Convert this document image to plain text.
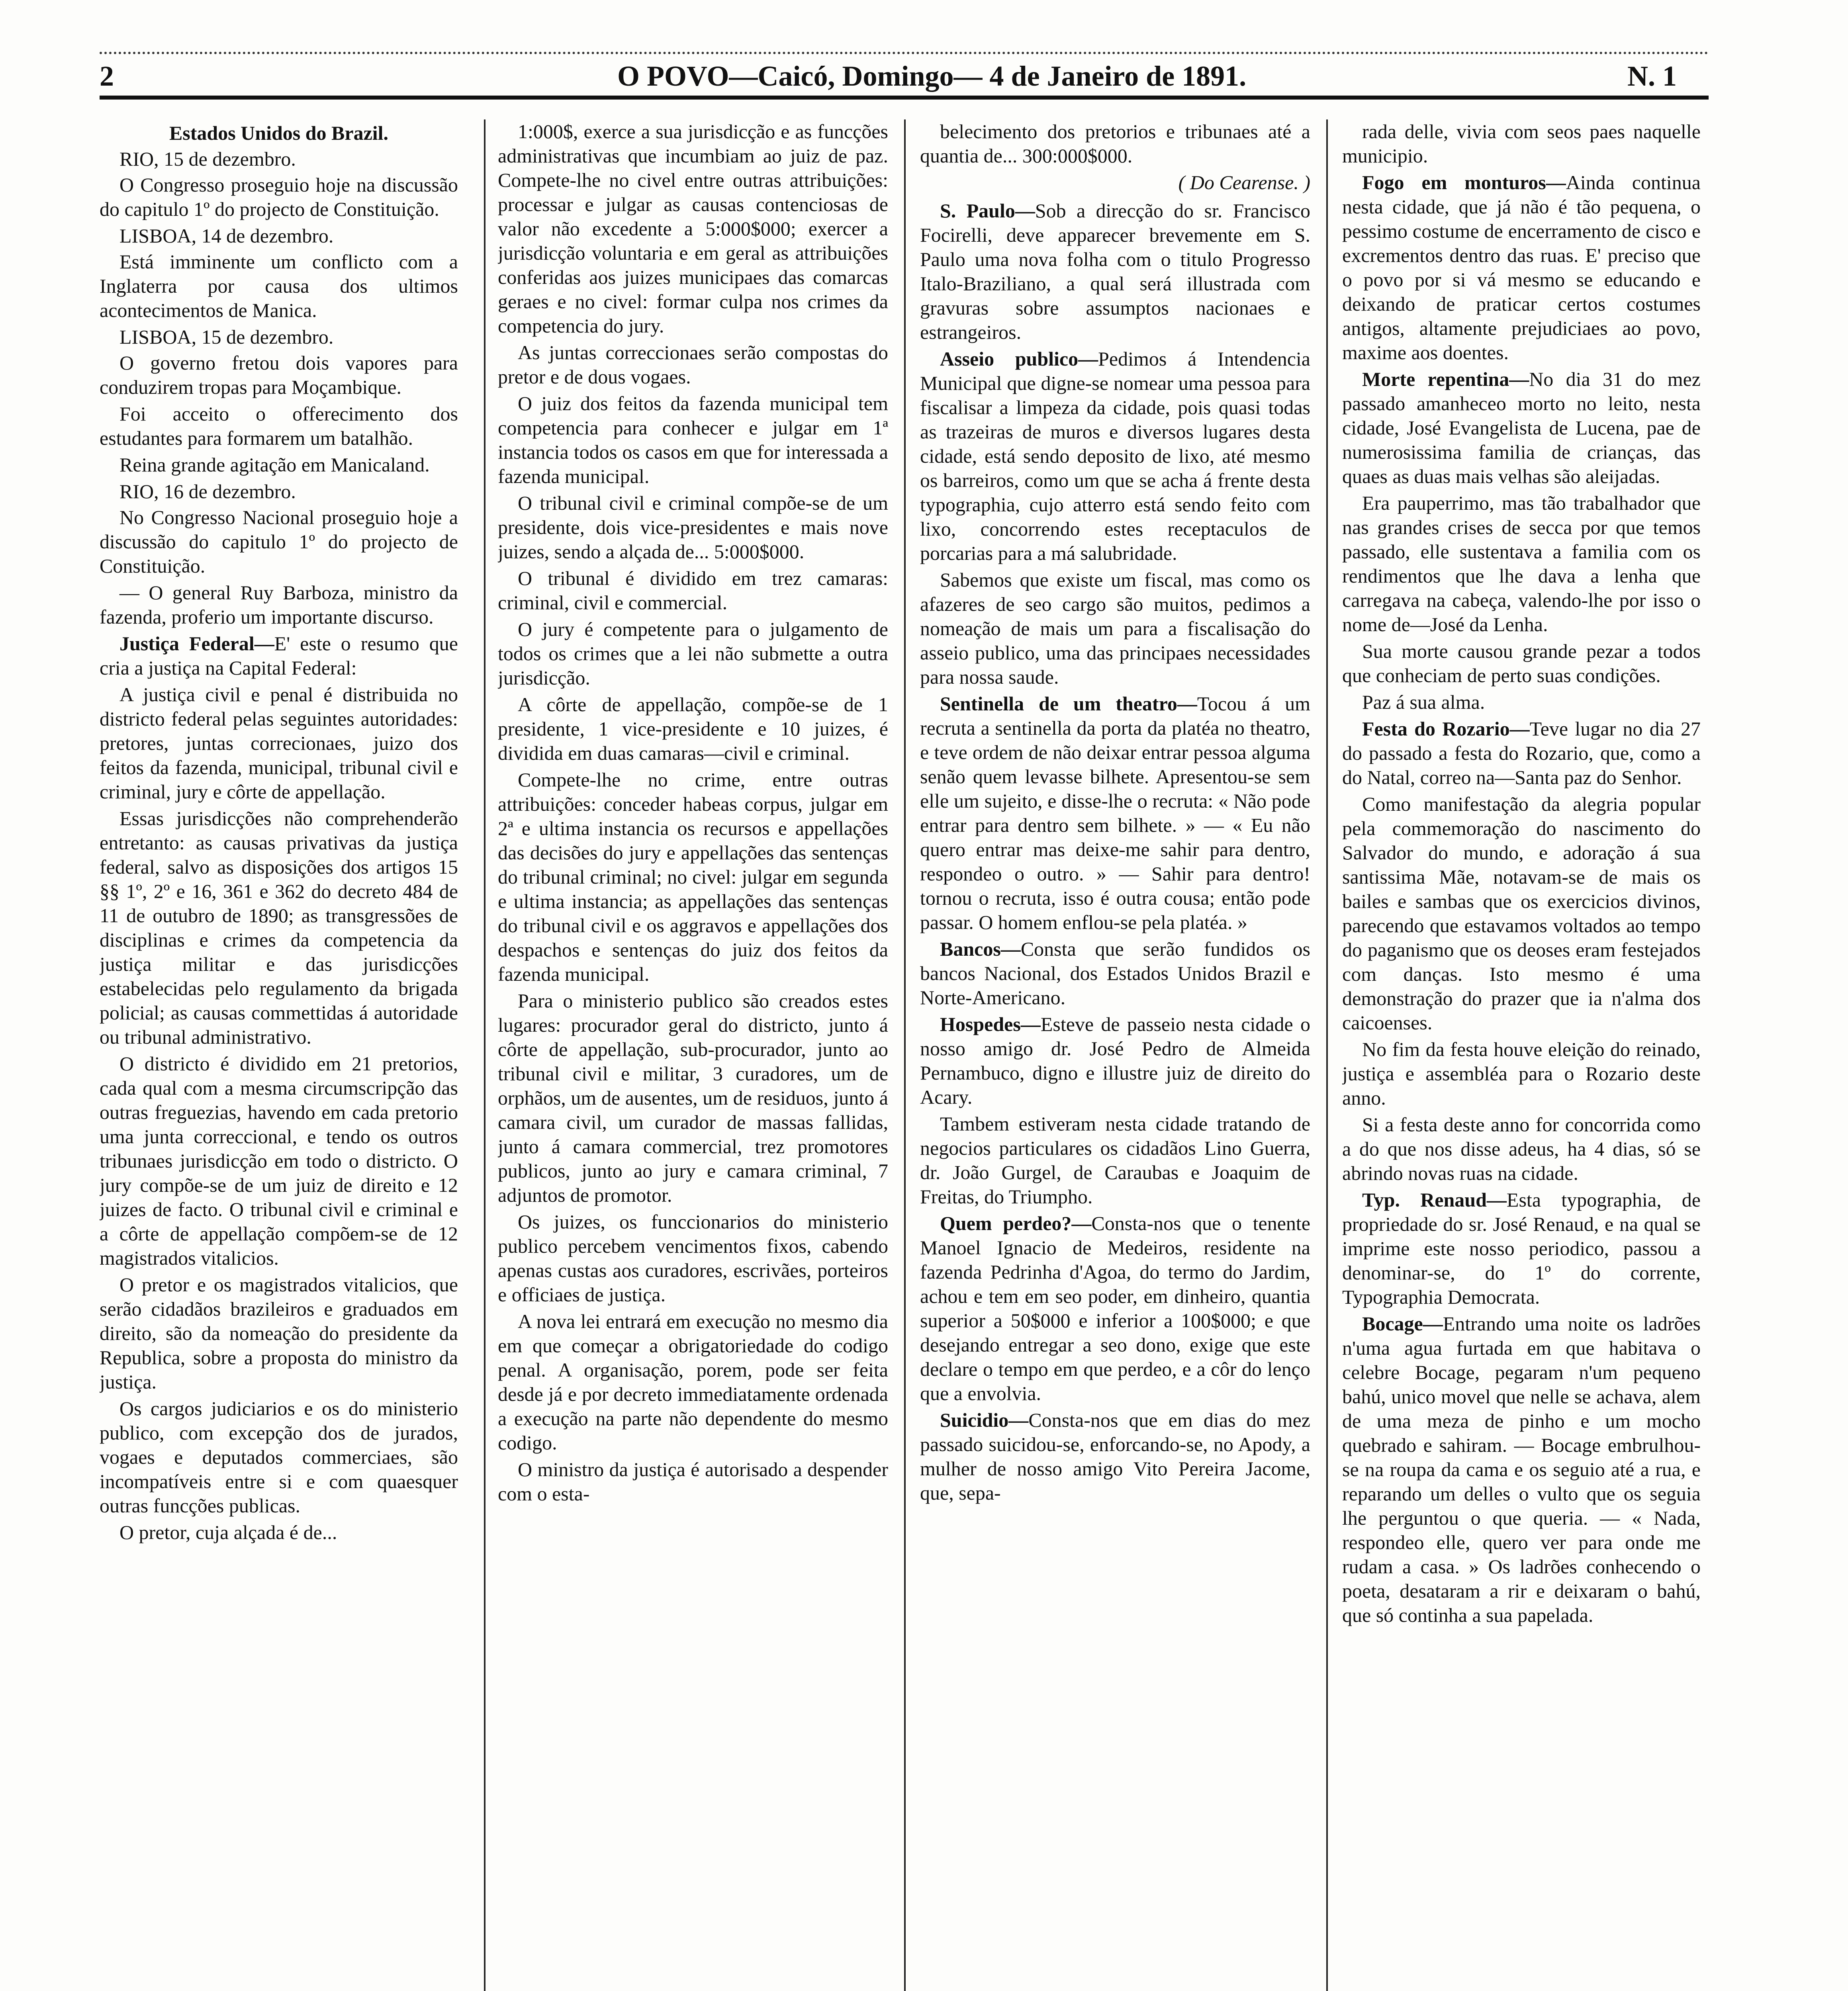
2	O POVO—Caicó, Domingo— 4 de Janeiro de 1891.	N. 1
Estados Unidos do Brazil.
RIO, 15 de dezembro.

O Congresso proseguio hoje na discussão do capitulo 1º do projecto de Constituição.

LISBOA, 14 de dezembro.

Está imminente um conflicto com a Inglaterra por causa dos ultimos acontecimentos de Manica.

LISBOA, 15 de dezembro.

O governo fretou dois vapores para conduzirem tropas para Moçambique.

Foi acceito o offerecimento dos estudantes para formarem um batalhão.

Reina grande agitação em Manicaland.

RIO, 16 de dezembro.

No Congresso Nacional proseguio hoje a discussão do capitulo 1º do projecto de Constituição.

— O general Ruy Barboza, ministro da fazenda, proferio um importante discurso.

Justiça Federal—E' este o resumo que cria a justiça na Capital Federal:

A justiça civil e penal é distribuida no districto federal pelas seguintes autoridades: pretores, juntas correcionaes, juizo dos feitos da fazenda, municipal, tribunal civil e criminal, jury e côrte de appellação.

Essas jurisdicções não comprehenderão entretanto: as causas privativas da justiça federal, salvo as disposições dos artigos 15 §§ 1º, 2º e 16, 361 e 362 do decreto 484 de 11 de outubro de 1890; as transgressões de disciplinas e crimes da competencia da justiça militar e das jurisdicções estabelecidas pelo regulamento da brigada policial; as causas commettidas á autoridade ou tribunal administrativo.

O districto é dividido em 21 pretorios, cada qual com a mesma circumscripção das outras freguezias, havendo em cada pretorio uma junta correccional, e tendo os outros tribunaes jurisdicção em todo o districto. O jury compõe-se de um juiz de direito e 12 juizes de facto. O tribunal civil e criminal e a côrte de appellação compõem-se de 12 magistrados vitalicios.

O pretor e os magistrados vitalicios, que serão cidadãos brazileiros e graduados em direito, são da nomeação do presidente da Republica, sobre a proposta do ministro da justiça.

Os cargos judiciarios e os do ministerio publico, com excepção dos de jurados, vogaes e deputados commerciaes, são incompatíveis entre si e com quaesquer outras funcções publicas.

O pretor, cuja alçada é de...

1:000$, exerce a sua jurisdicção e as funcções administrativas que incumbiam ao juiz de paz. Compete-lhe no civel entre outras attribuições: processar e julgar as causas contenciosas de valor não excedente a 5:000$000; exercer a jurisdicção voluntaria e em geral as attribuições conferidas aos juizes municipaes das comarcas geraes e no civel: formar culpa nos crimes da competencia do jury.

As juntas correccionaes serão compostas do pretor e de dous vogaes.

O juiz dos feitos da fazenda municipal tem competencia para conhecer e julgar em 1ª instancia todos os casos em que for interessada a fazenda municipal.

O tribunal civil e criminal compõe-se de um presidente, dois vice-presidentes e mais nove juizes, sendo a alçada de... 5:000$000.

O tribunal é dividido em trez camaras: criminal, civil e commercial.

O jury é competente para o julgamento de todos os crimes que a lei não submette a outra jurisdicção.

A côrte de appellação, compõe-se de 1 presidente, 1 vice-presidente e 10 juizes, é dividida em duas camaras—civil e criminal.

Compete-lhe no crime, entre outras attribuições: conceder habeas corpus, julgar em 2ª e ultima instancia os recursos e appellações das decisões do jury e appellações das sentenças do tribunal criminal; no civel: julgar em segunda e ultima instancia; as appellações das sentenças do tribunal civil e os aggravos e appellações dos despachos e sentenças do juiz dos feitos da fazenda municipal.

Para o ministerio publico são creados estes lugares: procurador geral do districto, junto á côrte de appellação, sub-procurador, junto ao tribunal civil e militar, 3 curadores, um de orphãos, um de ausentes, um de residuos, junto á camara civil, um curador de massas fallidas, junto á camara commercial, trez promotores publicos, junto ao jury e camara criminal, 7 adjuntos de promotor.

Os juizes, os funccionarios do ministerio publico percebem vencimentos fixos, cabendo apenas custas aos curadores, escrivães, porteiros e officiaes de justiça.

A nova lei entrará em execução no mesmo dia em que começar a obrigatoriedade do codigo penal. A organisação, porem, pode ser feita desde já e por decreto immediatamente ordenada a execução na parte não dependente do mesmo codigo.

O ministro da justiça é autorisado a despender com o esta-

belecimento dos pretorios e tribunaes até a quantia de... 300:000$000.

( Do Cearense. )

S. Paulo—Sob a direcção do sr. Francisco Focirelli, deve apparecer brevemente em S. Paulo uma nova folha com o titulo Progresso Italo-Braziliano, a qual será illustrada com gravuras sobre assumptos nacionaes e estrangeiros.

Asseio publico—Pedimos á Intendencia Municipal que digne-se nomear uma pessoa para fiscalisar a limpeza da cidade, pois quasi todas as trazeiras de muros e diversos lugares desta cidade, está sendo deposito de lixo, até mesmo os barreiros, como um que se acha á frente desta typographia, cujo atterro está sendo feito com lixo, concorrendo estes receptaculos de porcarias para a má salubridade.

Sabemos que existe um fiscal, mas como os afazeres de seo cargo são muitos, pedimos a nomeação de mais um para a fiscalisação do asseio publico, uma das principaes necessidades para nossa saude.

Sentinella de um theatro—Tocou á um recruta a sentinella da porta da platéa no theatro, e teve ordem de não deixar entrar pessoa alguma senão quem levasse bilhete. Apresentou-se sem elle um sujeito, e disse-lhe o recruta: « Não pode entrar para dentro sem bilhete. » — « Eu não quero entrar mas deixe-me sahir para dentro, respondeo o outro. » — Sahir para dentro! tornou o recruta, isso é outra cousa; então pode passar. O homem enflou-se pela platéa. »

Bancos—Consta que serão fundidos os bancos Nacional, dos Estados Unidos Brazil e Norte-Americano.

Hospedes—Esteve de passeio nesta cidade o nosso amigo dr. José Pedro de Almeida Pernambuco, digno e illustre juiz de direito do Acary.

Tambem estiveram nesta cidade tratando de negocios particulares os cidadãos Lino Guerra, dr. João Gurgel, de Caraubas e Joaquim de Freitas, do Triumpho.

Quem perdeo?—Consta-nos que o tenente Manoel Ignacio de Medeiros, residente na fazenda Pedrinha d'Agoa, do termo do Jardim, achou e tem em seo poder, em dinheiro, quantia superior a 50$000 e inferior a 100$000; e que desejando entregar a seo dono, exige que este declare o tempo em que perdeo, e a côr do lenço que a envolvia.

Suicidio—Consta-nos que em dias do mez passado suicidou-se, enforcando-se, no Apody, a mulher de nosso amigo Vito Pereira Jacome, que, sepa-

rada delle, vivia com seos paes naquelle municipio.

Fogo em monturos—Ainda continua nesta cidade, que já não é tão pequena, o pessimo costume de encerramento de cisco e excrementos dentro das ruas. E' preciso que o povo por si vá mesmo se educando e deixando de praticar certos costumes antigos, altamente prejudiciaes ao povo, maxime aos doentes.

Morte repentina—No dia 31 do mez passado amanheceo morto no leito, nesta cidade, José Evangelista de Lucena, pae de numerosissima familia de crianças, das quaes as duas mais velhas são aleijadas.

Era pauperrimo, mas tão trabalhador que nas grandes crises de secca por que temos passado, elle sustentava a familia com os rendimentos que lhe dava a lenha que carregava na cabeça, valendo-lhe por isso o nome de—José da Lenha.

Sua morte causou grande pezar a todos que conheciam de perto suas condições.

Paz á sua alma.

Festa do Rozario—Teve lugar no dia 27 do passado a festa do Rozario, que, como a do Natal, correo na—Santa paz do Senhor.

Como manifestação da alegria popular pela commemoração do nascimento do Salvador do mundo, e adoração á sua santissima Mãe, notavam-se de mais os bailes e sambas que os exercicios divinos, parecendo que estavamos voltados ao tempo do paganismo que os deoses eram festejados com danças. Isto mesmo é uma demonstração do prazer que ia n'alma dos caicoenses.

No fim da festa houve eleição do reinado, justiça e assembléa para o Rozario deste anno.

Si a festa deste anno for concorrida como a do que nos disse adeus, ha 4 dias, só se abrindo novas ruas na cidade.

Typ. Renaud—Esta typographia, de propriedade do sr. José Renaud, e na qual se imprime este nosso periodico, passou a denominar-se, do 1º do corrente, Typographia Democrata.

Bocage—Entrando uma noite os ladrões n'uma agua furtada em que habitava o celebre Bocage, pegaram n'um pequeno bahú, unico movel que nelle se achava, alem de uma meza de pinho e um mocho quebrado e sahiram. — Bocage embrulhou-se na roupa da cama e os seguio até a rua, e reparando um delles o vulto que os seguia lhe perguntou o que queria. — « Nada, respondeo elle, quero ver para onde me rudam a casa. » Os ladrões conhecendo o poeta, desataram a rir e deixaram o bahú, que só continha a sua papelada.
